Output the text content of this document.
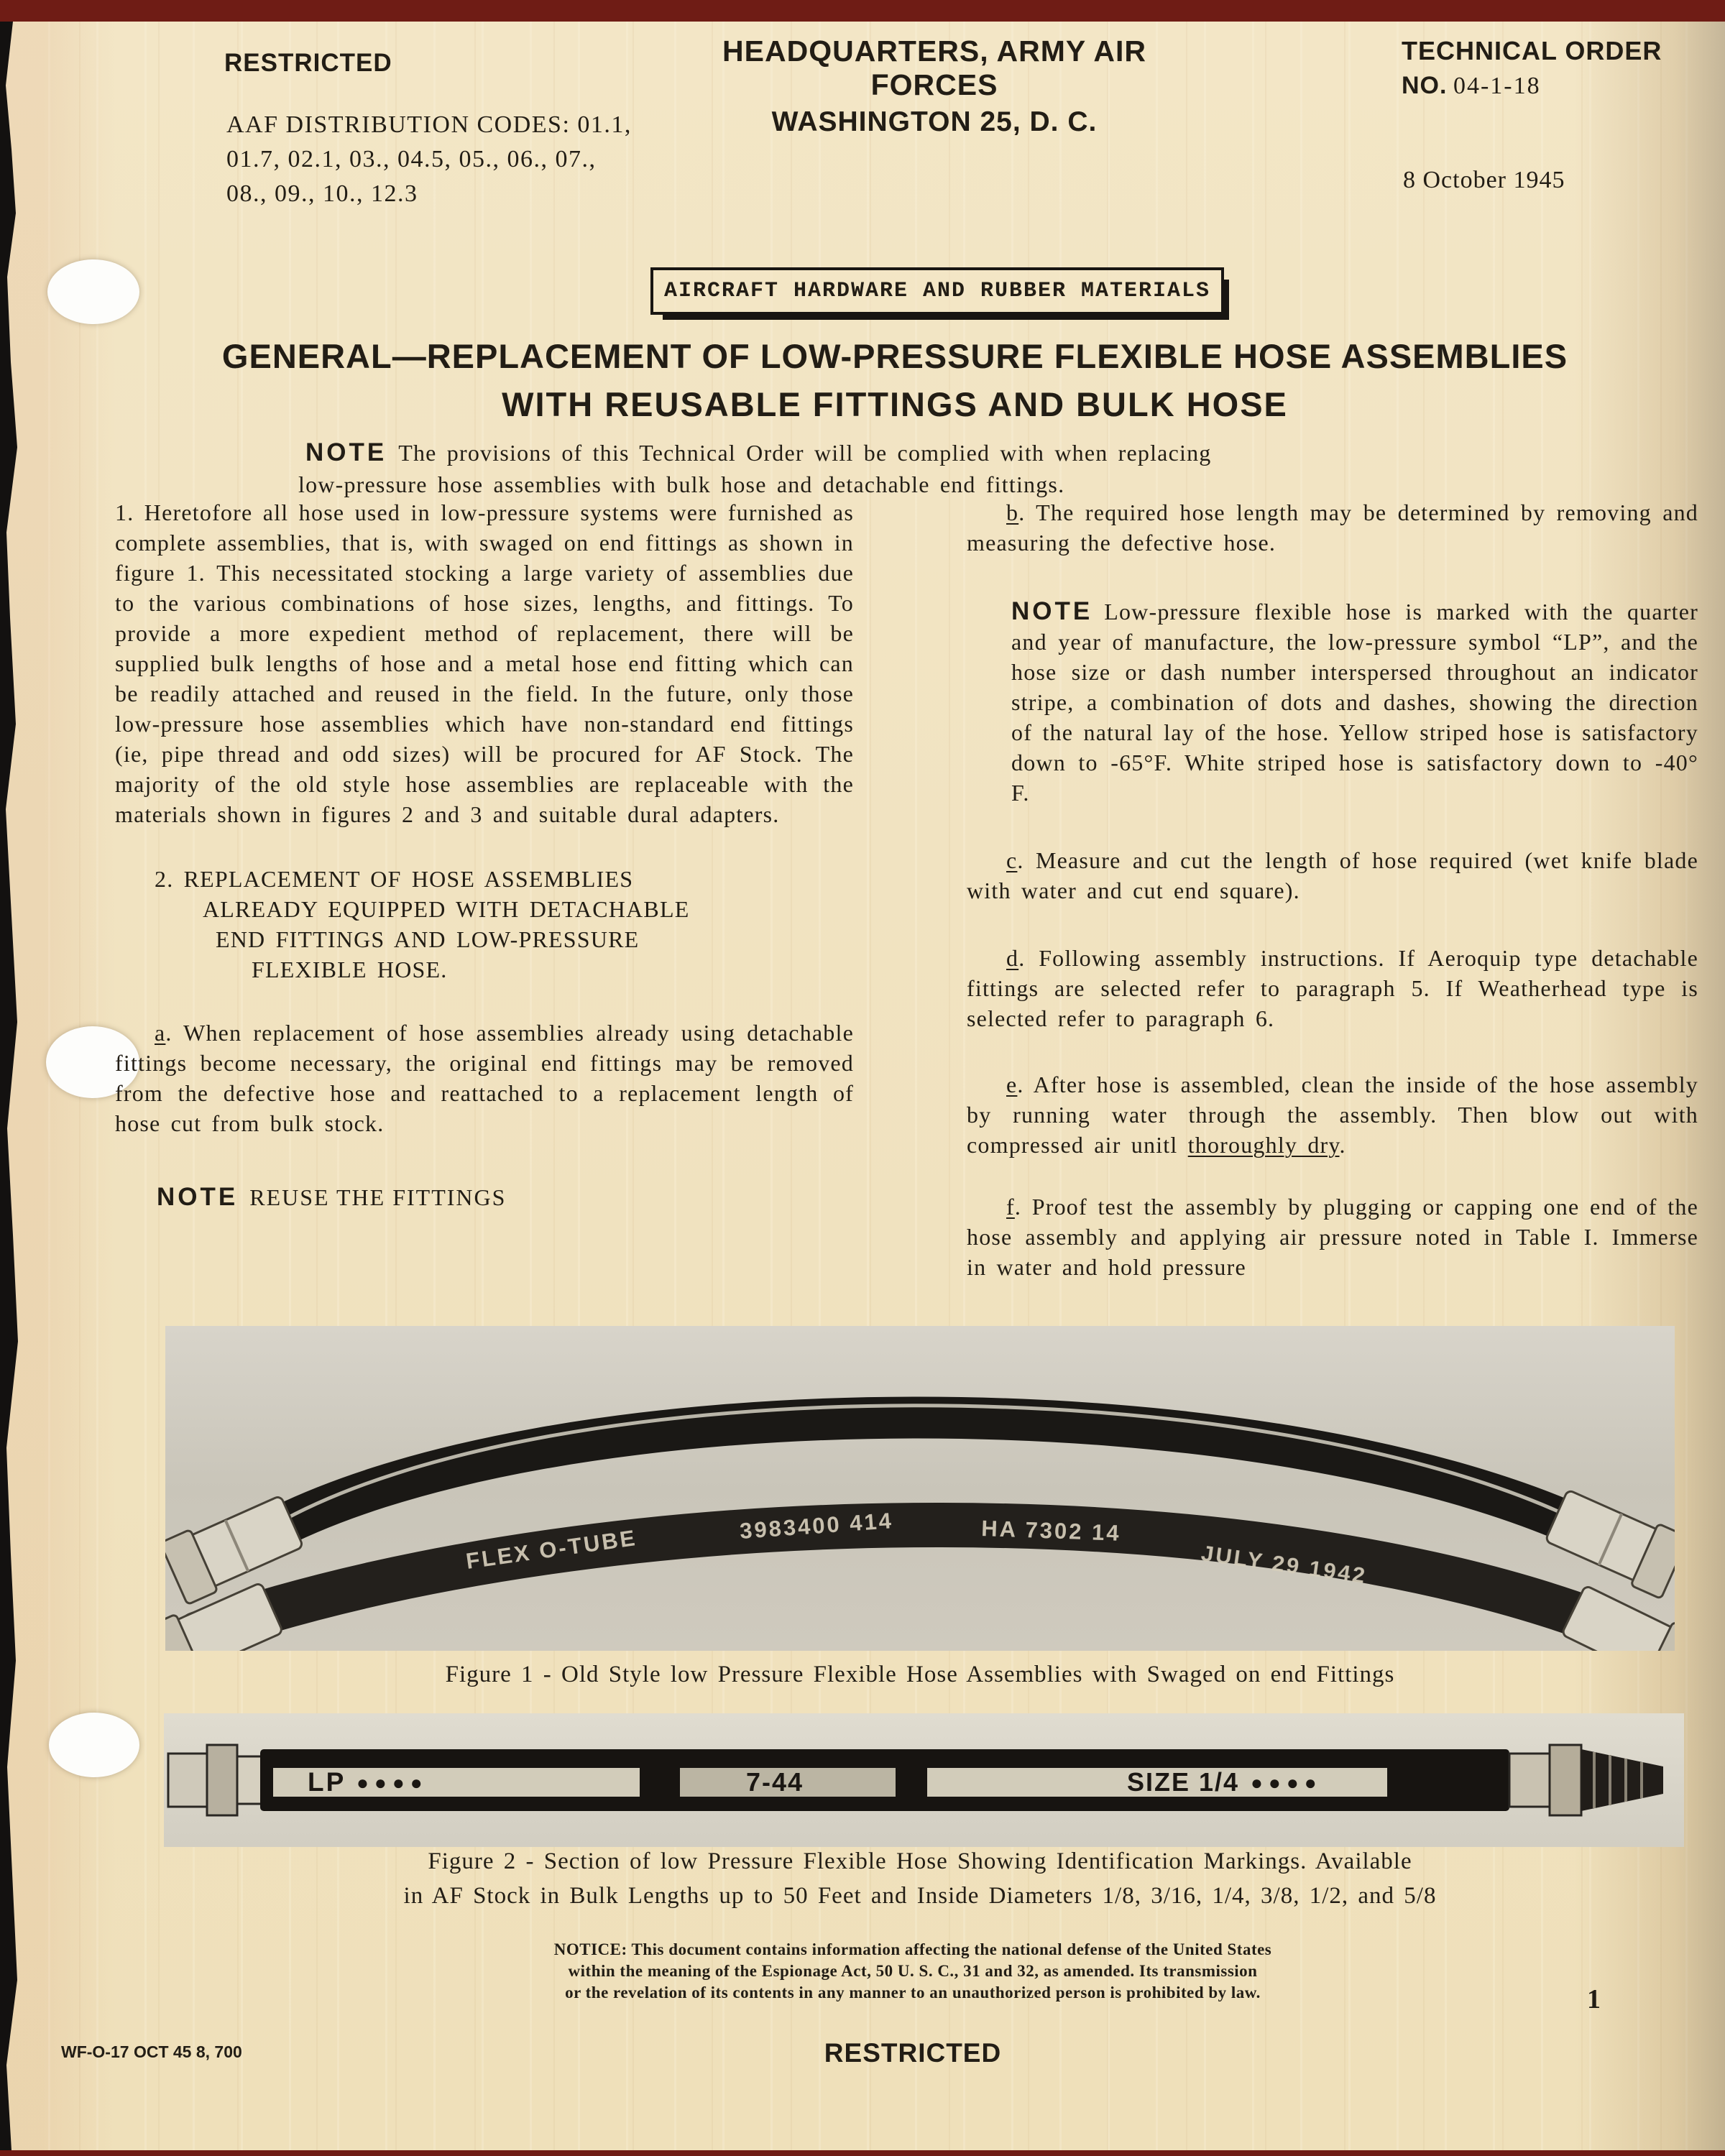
RESTRICTED	HEADQUARTERS, ARMY AIR FORCES
WASHINGTON 25, D. C.
TECHNICAL ORDER
NO. 04-1-18
AAF DISTRIBUTION CODES: 01.1,
01.7, 02.1, 03., 04.5, 05., 06., 07.,
08., 09., 10., 12.3
8 October 1945
AIRCRAFT HARDWARE AND RUBBER MATERIALS
GENERAL—REPLACEMENT OF LOW-PRESSURE FLEXIBLE HOSE ASSEMBLIES
WITH REUSABLE FITTINGS AND BULK HOSE
NOTE The provisions of this Technical Order will be complied with when replacing
low-pressure hose assemblies with bulk hose and detachable end fittings.

1. Heretofore all hose used in low-pressure systems were furnished as complete assemblies, that is, with swaged on end fittings as shown in figure 1. This necessitated stocking a large variety of assemblies due to the various combinations of hose sizes, lengths, and fittings. To provide a more expedient method of replacement, there will be supplied bulk lengths of hose and a metal hose end fitting which can be readily attached and reused in the field. In the future, only those low-pressure hose assemblies which have non-standard end fittings (ie, pipe thread and odd sizes) will be procured for AF Stock. The majority of the old style hose assemblies are replaceable with the materials shown in figures 2 and 3 and suitable dural adapters.

2. REPLACEMENT OF HOSE ASSEMBLIES
ALREADY EQUIPPED WITH DETACHABLE
END FITTINGS AND LOW-PRESSURE
FLEXIBLE HOSE.

a. When replacement of hose assemblies already using detachable fittings become necessary, the original end fittings may be removed from the defective hose and reattached to a replacement length of hose cut from bulk stock.

NOTE REUSE THE FITTINGS

b. The required hose length may be determined by removing and measuring the defective hose.

NOTE Low-pressure flexible hose is marked with the quarter and year of manufacture, the low-pressure symbol “LP”, and the hose size or dash number interspersed throughout an indicator stripe, a combination of dots and dashes, showing the direction of the natural lay of the hose. Yellow striped hose is satisfactory down to -65°F. White striped hose is satisfactory down to -40° F.

c. Measure and cut the length of hose required (wet knife blade with water and cut end square).

d. Following assembly instructions. If Aeroquip type detachable fittings are selected refer to paragraph 5. If Weatherhead type is selected refer to paragraph 6.

e. After hose is assembled, clean the inside of the hose assembly by running water through the assembly. Then blow out with compressed air unitl thoroughly dry.

f. Proof test the assembly by plugging or capping one end of the hose assembly and applying air pressure noted in Table I. Immerse in water and hold pressure

FLEX O-TUBE	3983400 414	HA 7302 14
JULY 29 1942
Figure 1 - Old Style low Pressure Flexible Hose Assemblies with Swaged on end Fittings
LP ●●●●	7-44	SIZE 1/4 ●●●●
Figure 2 - Section of low Pressure Flexible Hose Showing Identification Markings. Available
in AF Stock in Bulk Lengths up to 50 Feet and Inside Diameters 1/8, 3/16, 1/4, 3/8, 1/2, and 5/8
NOTICE: This document contains information affecting the national defense of the United States
within the meaning of the Espionage Act, 50 U. S. C., 31 and 32, as amended. Its transmission
or the revelation of its contents in any manner to an unauthorized person is prohibited by law.
WF-O-17 OCT 45 8, 700	RESTRICTED
1
